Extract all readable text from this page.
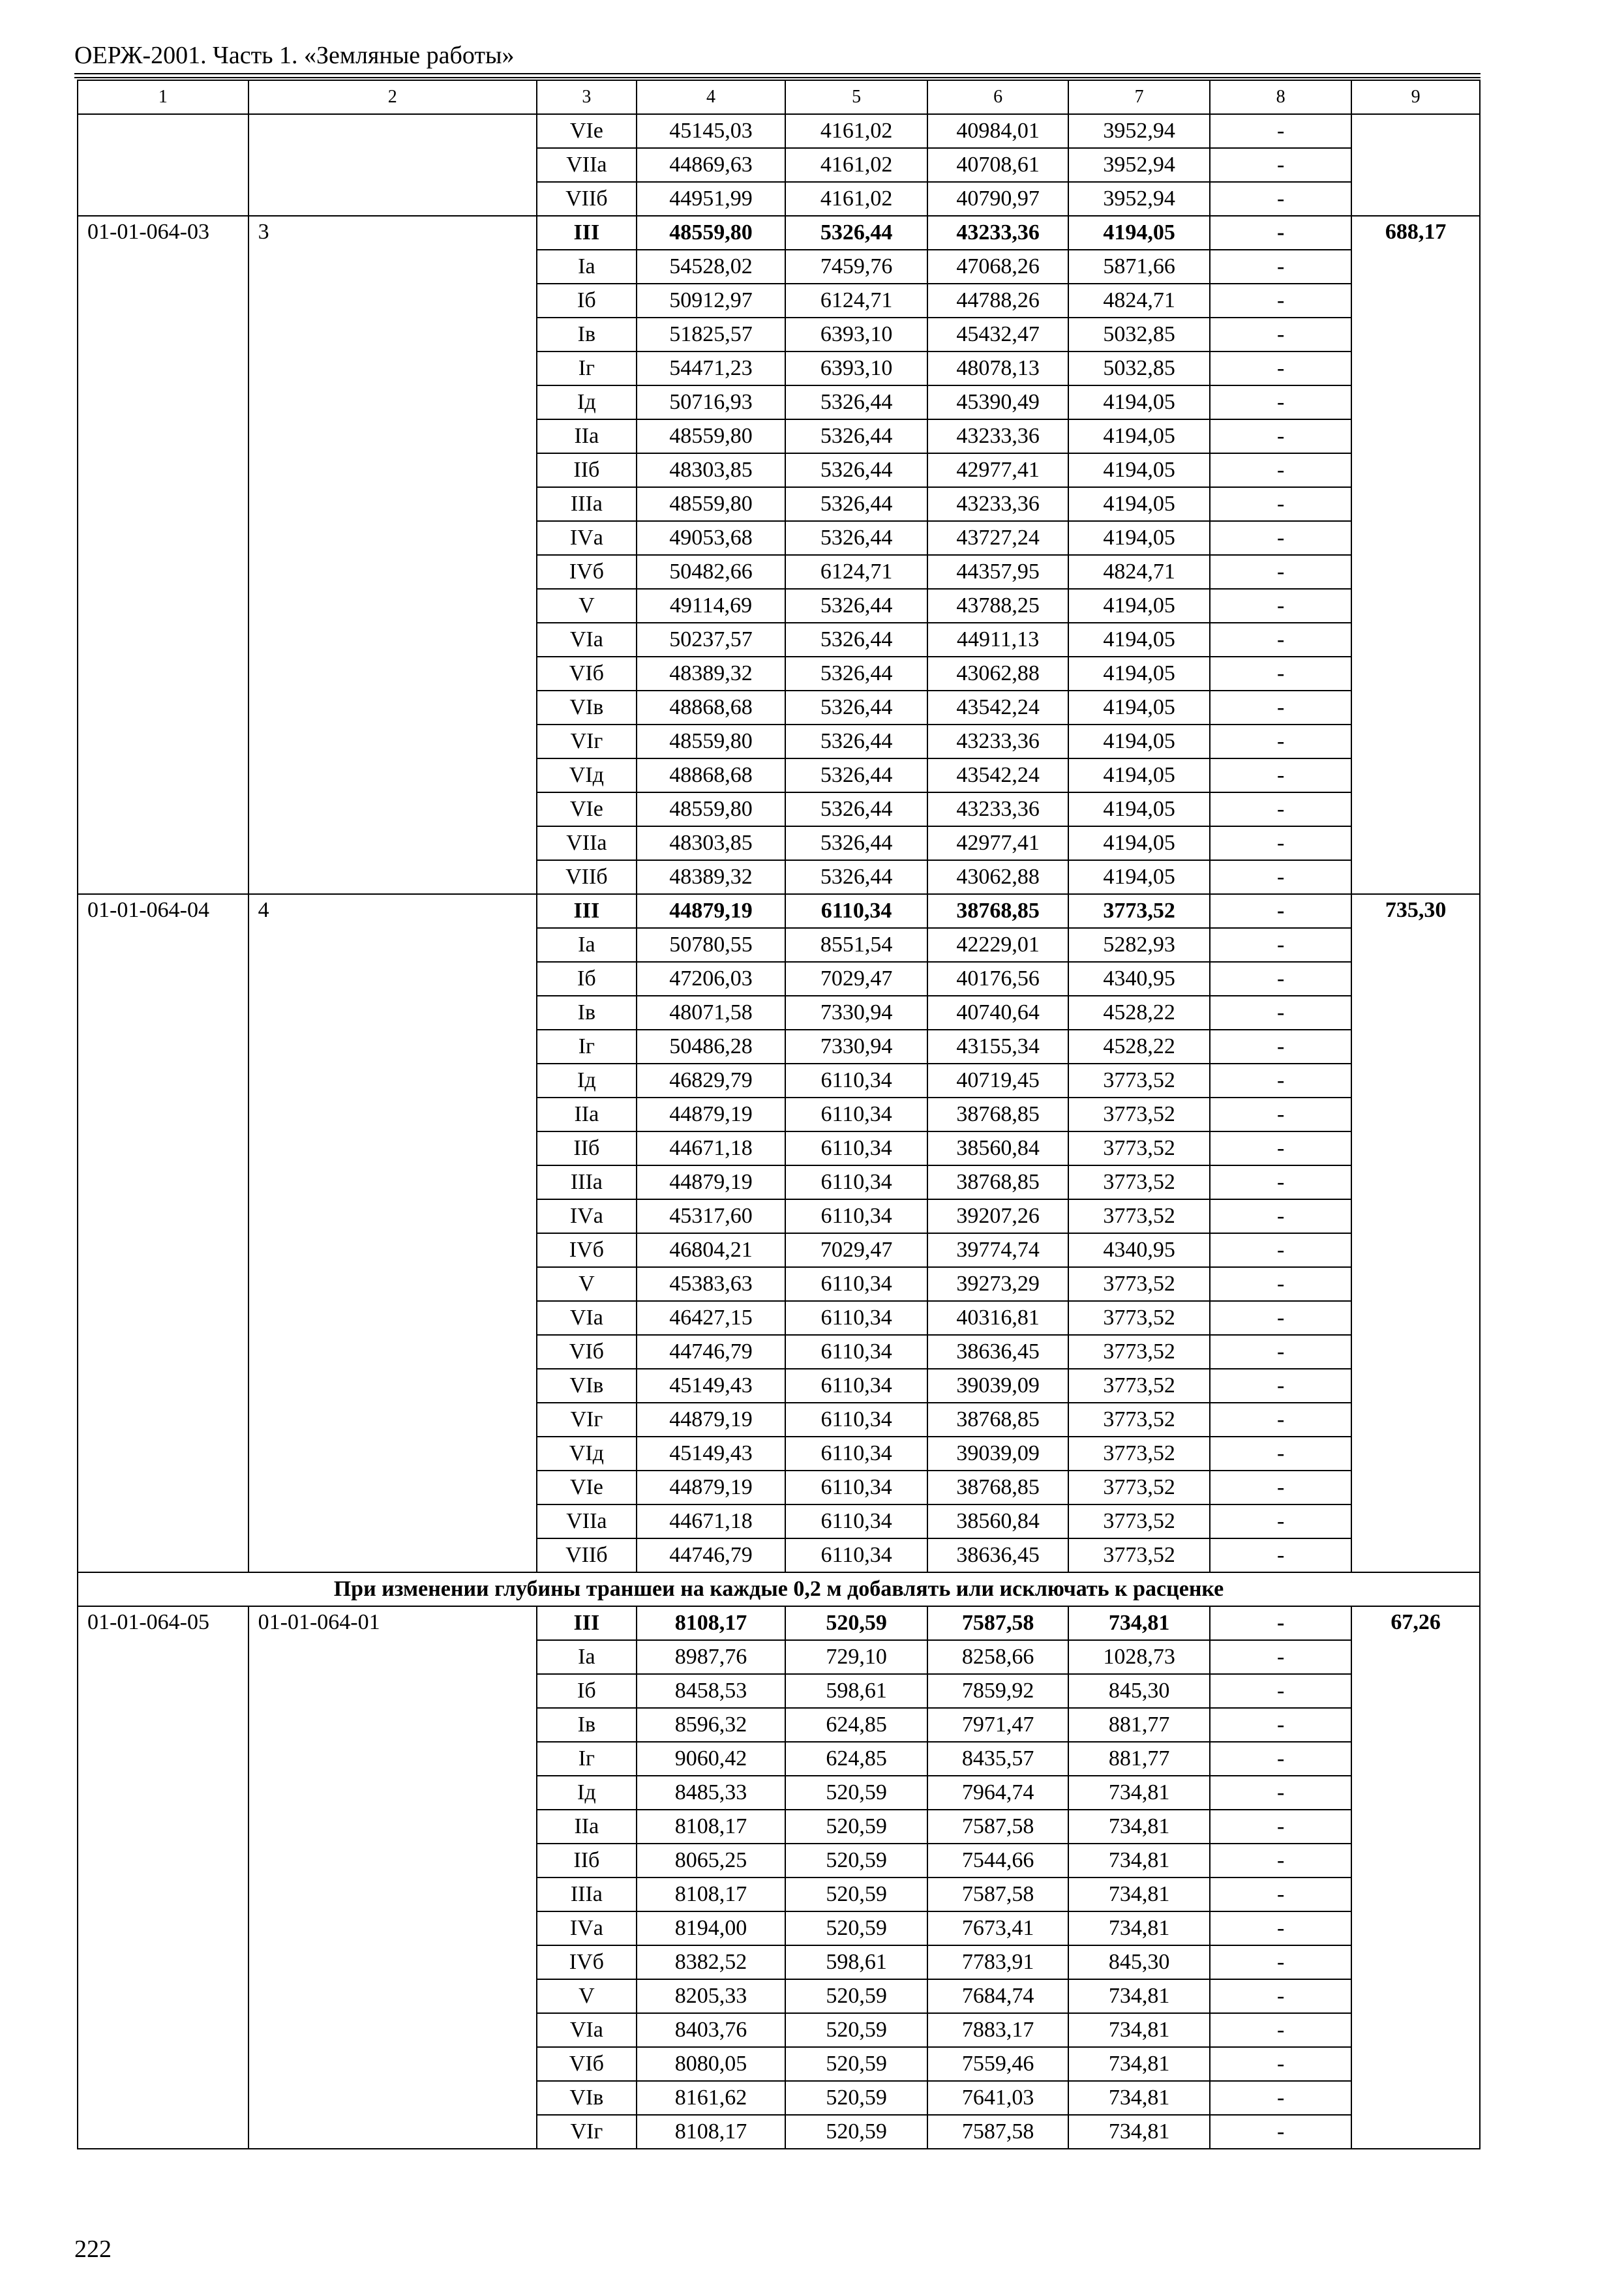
ОЕРЖ-2001. Часть 1. «Земляные работы»
1	2	3	4	5	6	7	8	9
		VIе	45145,03	4161,02	40984,01	3952,94	-	
		VIIа	44869,63	4161,02	40708,61	3952,94	-	
		VIIб	44951,99	4161,02	40790,97	3952,94	-	
01-01-064-03	3	III	48559,80	5326,44	43233,36	4194,05	-	688,17
		Iа	54528,02	7459,76	47068,26	5871,66	-	
		Iб	50912,97	6124,71	44788,26	4824,71	-	
		Iв	51825,57	6393,10	45432,47	5032,85	-	
		Iг	54471,23	6393,10	48078,13	5032,85	-	
		Iд	50716,93	5326,44	45390,49	4194,05	-	
		IIа	48559,80	5326,44	43233,36	4194,05	-	
		IIб	48303,85	5326,44	42977,41	4194,05	-	
		IIIа	48559,80	5326,44	43233,36	4194,05	-	
		IVа	49053,68	5326,44	43727,24	4194,05	-	
		IVб	50482,66	6124,71	44357,95	4824,71	-	
		V	49114,69	5326,44	43788,25	4194,05	-	
		VIа	50237,57	5326,44	44911,13	4194,05	-	
		VIб	48389,32	5326,44	43062,88	4194,05	-	
		VIв	48868,68	5326,44	43542,24	4194,05	-	
		VIг	48559,80	5326,44	43233,36	4194,05	-	
		VIд	48868,68	5326,44	43542,24	4194,05	-	
		VIе	48559,80	5326,44	43233,36	4194,05	-	
		VIIа	48303,85	5326,44	42977,41	4194,05	-	
		VIIб	48389,32	5326,44	43062,88	4194,05	-	
01-01-064-04	4	III	44879,19	6110,34	38768,85	3773,52	-	735,30
		Iа	50780,55	8551,54	42229,01	5282,93	-	
		Iб	47206,03	7029,47	40176,56	4340,95	-	
		Iв	48071,58	7330,94	40740,64	4528,22	-	
		Iг	50486,28	7330,94	43155,34	4528,22	-	
		Iд	46829,79	6110,34	40719,45	3773,52	-	
		IIа	44879,19	6110,34	38768,85	3773,52	-	
		IIб	44671,18	6110,34	38560,84	3773,52	-	
		IIIа	44879,19	6110,34	38768,85	3773,52	-	
		IVа	45317,60	6110,34	39207,26	3773,52	-	
		IVб	46804,21	7029,47	39774,74	4340,95	-	
		V	45383,63	6110,34	39273,29	3773,52	-	
		VIа	46427,15	6110,34	40316,81	3773,52	-	
		VIб	44746,79	6110,34	38636,45	3773,52	-	
		VIв	45149,43	6110,34	39039,09	3773,52	-	
		VIг	44879,19	6110,34	38768,85	3773,52	-	
		VIд	45149,43	6110,34	39039,09	3773,52	-	
		VIе	44879,19	6110,34	38768,85	3773,52	-	
		VIIа	44671,18	6110,34	38560,84	3773,52	-	
		VIIб	44746,79	6110,34	38636,45	3773,52	-	
При изменении глубины траншеи на каждые 0,2 м добавлять или исключать к расценке								
01-01-064-05	01-01-064-01	III	8108,17	520,59	7587,58	734,81	-	67,26
		Iа	8987,76	729,10	8258,66	1028,73	-	
		Iб	8458,53	598,61	7859,92	845,30	-	
		Iв	8596,32	624,85	7971,47	881,77	-	
		Iг	9060,42	624,85	8435,57	881,77	-	
		Iд	8485,33	520,59	7964,74	734,81	-	
		IIа	8108,17	520,59	7587,58	734,81	-	
		IIб	8065,25	520,59	7544,66	734,81	-	
		IIIа	8108,17	520,59	7587,58	734,81	-	
		IVа	8194,00	520,59	7673,41	734,81	-	
		IVб	8382,52	598,61	7783,91	845,30	-	
		V	8205,33	520,59	7684,74	734,81	-	
		VIа	8403,76	520,59	7883,17	734,81	-	
		VIб	8080,05	520,59	7559,46	734,81	-	
		VIв	8161,62	520,59	7641,03	734,81	-	
		VIг	8108,17	520,59	7587,58	734,81	-	
222
